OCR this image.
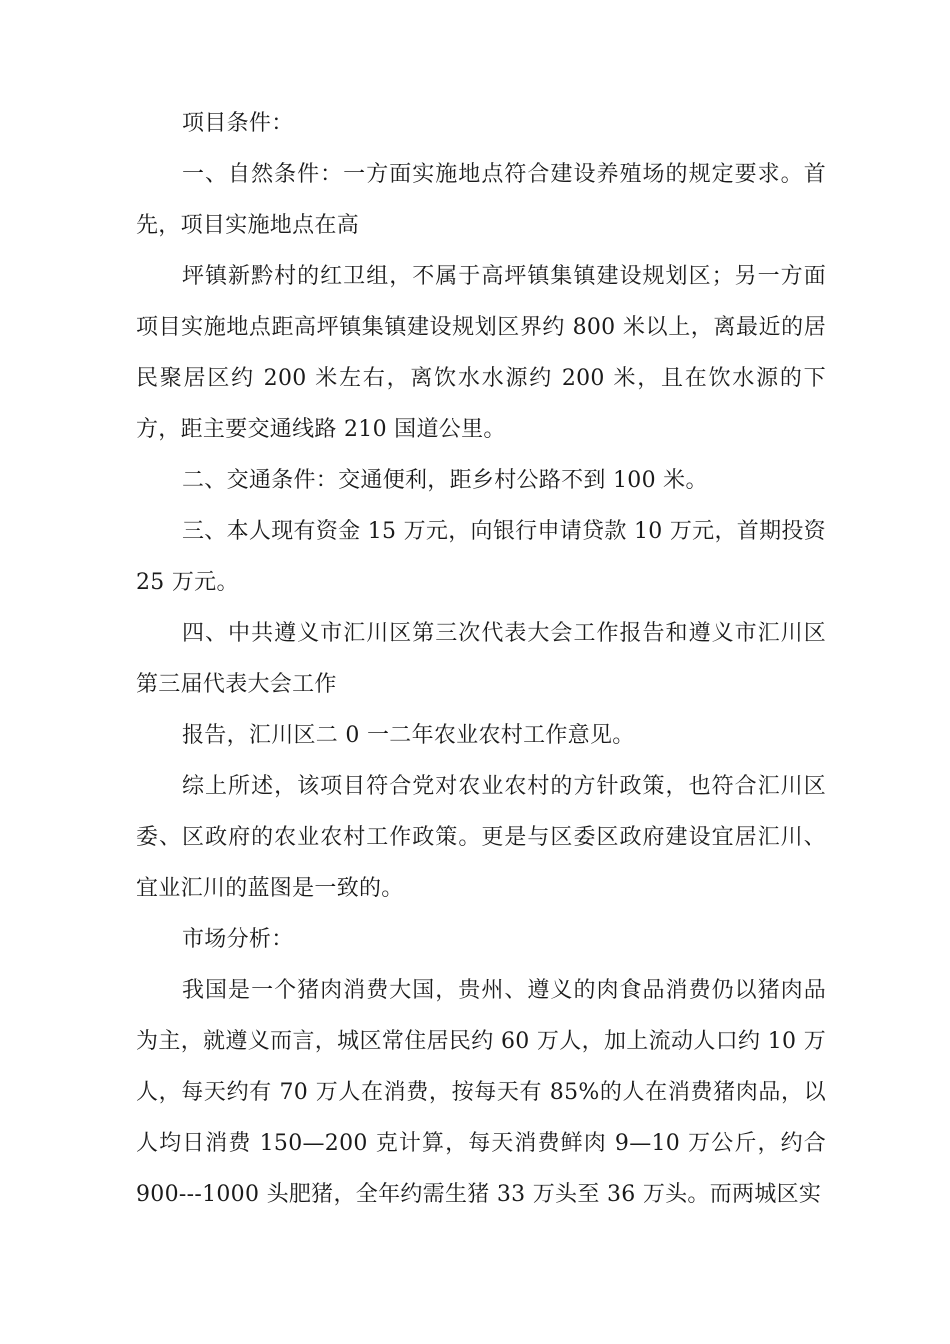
项目条件：

一、自然条件：一方面实施地点符合建设养殖场的规定要求。首先，项目实施地点在高

坪镇新黔村的红卫组，不属于高坪镇集镇建设规划区；另一方面项目实施地点距高坪镇集镇建设规划区界约 800 米以上，离最近的居民聚居区约 200 米左右，离饮水水源约 200 米，且在饮水源的下方，距主要交通线路 210 国道公里。

二、交通条件：交通便利，距乡村公路不到 100 米。

三、本人现有资金 15 万元，向银行申请贷款 10 万元，首期投资 25 万元。

四、中共遵义市汇川区第三次代表大会工作报告和遵义市汇川区第三届代表大会工作

报告，汇川区二 0 一二年农业农村工作意见。

综上所述，该项目符合党对农业农村的方针政策，也符合汇川区委、区政府的农业农村工作政策。更是与区委区政府建设宜居汇川、宜业汇川的蓝图是一致的。

市场分析：

我国是一个猪肉消费大国，贵州、遵义的肉食品消费仍以猪肉品为主，就遵义而言，城区常住居民约 60 万人，加上流动人口约 10 万人，每天约有 70 万人在消费，按每天有 85%的人在消费猪肉品，以人均日消费 150—200 克计算，每天消费鲜肉 9—10 万公斤，约合 900---1000 头肥猪，全年约需生猪 33 万头至 36 万头。而两城区实
